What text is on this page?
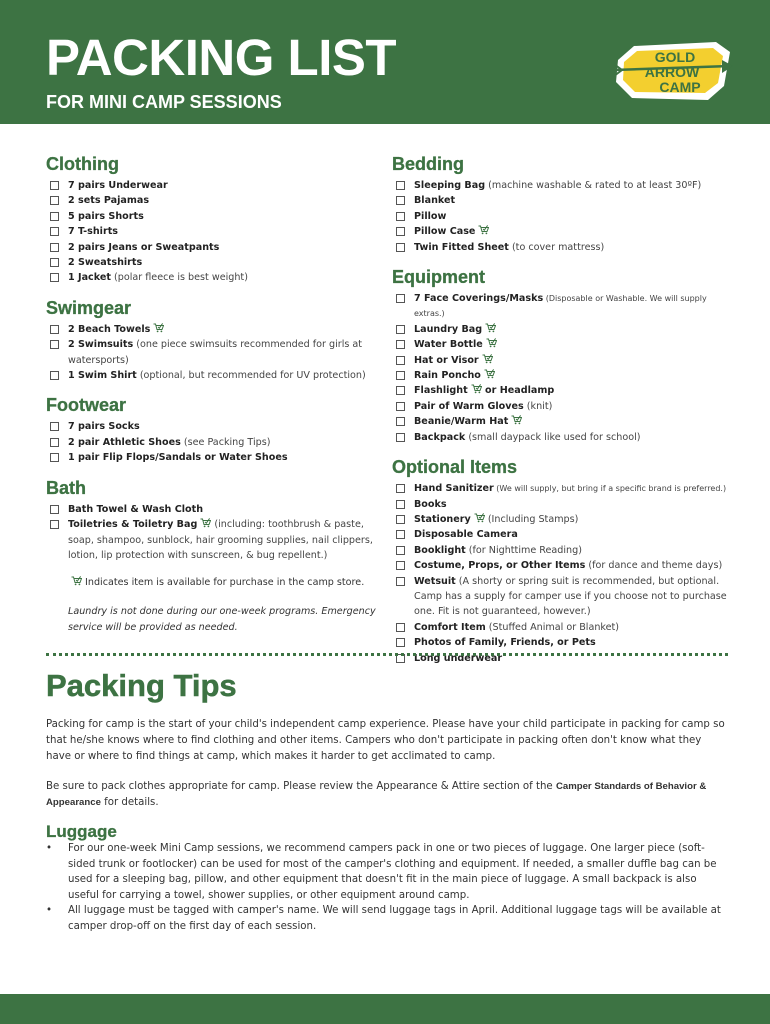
PACKING LIST
FOR MINI CAMP SESSIONS
GOLD
ARROW
CAMP
Clothing
7 pairs Underwear
2 sets Pajamas
5 pairs Shorts
7 T-shirts
2 pairs Jeans or Sweatpants
2 Sweatshirts
1 Jacket (polar fleece is best weight)
Swimgear
2 Beach Towels
2 Swimsuits (one piece swimsuits recommended for girls at watersports)
1 Swim Shirt (optional, but recommended for UV protection)
Footwear
7 pairs Socks
2 pair Athletic Shoes (see Packing Tips)
1 pair Flip Flops/Sandals or Water Shoes
Bath
Bath Towel & Wash Cloth
Toiletries & Toiletry Bag (including: toothbrush & paste, soap, shampoo, sunblock, hair grooming supplies, nail clippers, lotion, lip protection with sunscreen, & bug repellent.)
Indicates item is available for purchase in the camp store.
Laundry is not done during our one-week programs. Emergency service will be provided as needed.
Bedding
Sleeping Bag (machine washable & rated to at least 30ºF)
Blanket
Pillow
Pillow Case
Twin Fitted Sheet (to cover mattress)
Equipment
7 Face Coverings/Masks (Disposable or Washable. We will supply extras.)
Laundry Bag
Water Bottle
Hat or Visor
Rain Poncho
Flashlight or Headlamp
Pair of Warm Gloves (knit)
Beanie/Warm Hat
Backpack (small daypack like used for school)
Optional Items
Hand Sanitizer (We will supply, but bring if a specific brand is preferred.)
Books
Stationery (Including Stamps)
Disposable Camera
Booklight (for Nighttime Reading)
Costume, Props, or Other Items (for dance and theme days)
Wetsuit (A shorty or spring suit is recommended, but optional. Camp has a supply for camper use if you choose not to purchase one. Fit is not guaranteed, however.)
Comfort Item (Stuffed Animal or Blanket)
Photos of Family, Friends, or Pets
Long underwear
Packing Tips
Packing for camp is the start of your child's independent camp experience. Please have your child participate in packing for camp so that he/she knows where to find clothing and other items. Campers who don't participate in packing often don't know what they have or where to find things at camp, which makes it harder to get acclimated to camp.
Be sure to pack clothes appropriate for camp. Please review the Appearance & Attire section of the Camper Standards of Behavior & Appearance for details.
Luggage
• For our one-week Mini Camp sessions, we recommend campers pack in one or two pieces of luggage. One larger piece (soft-sided trunk or footlocker) can be used for most of the camper's clothing and equipment. If needed, a smaller duffle bag can be used for a sleeping bag, pillow, and other equipment that doesn't fit in the main piece of luggage. A small backpack is also useful for carrying a towel, shower supplies, or other equipment around camp.
• All luggage must be tagged with camper's name. We will send luggage tags in April. Additional luggage tags will be available at camper drop-off on the first day of each session.
